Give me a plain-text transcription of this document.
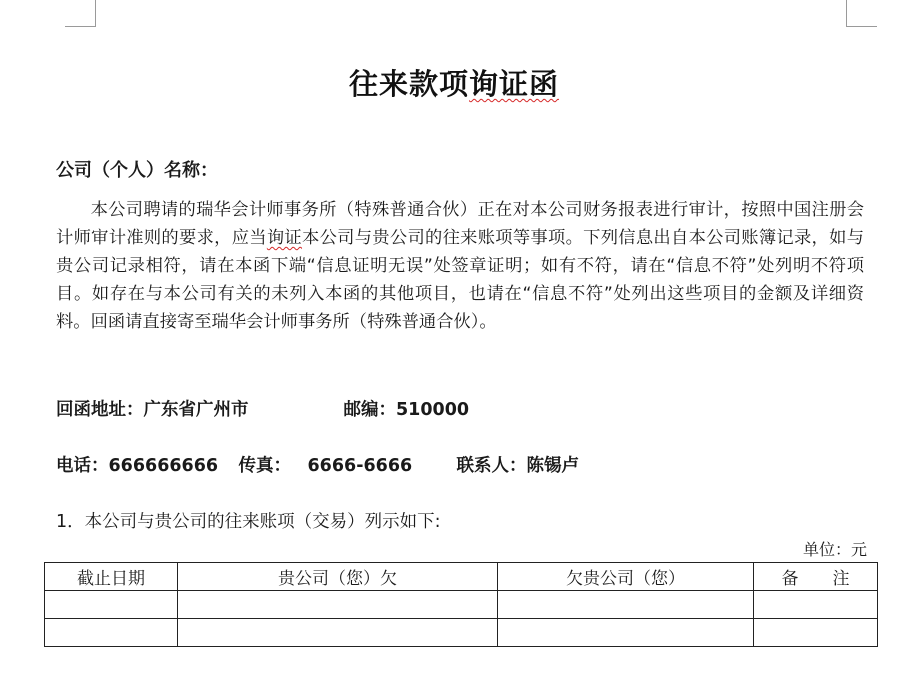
往来款项询证函
公司（个人）名称：

本公司聘请的瑞华会计师事务所（特殊普通合伙）正在对本公司财务报表进行审计，按照中国注册会计师审计准则的要求，应当询证本公司与贵公司的往来账项等事项。下列信息出自本公司账簿记录，如与贵公司记录相符，请在本函下端“信息证明无误”处签章证明；如有不符，请在“信息不符”处列明不符项目。如存在与本公司有关的未列入本函的其他项目，也请在“信息不符”处列出这些项目的金额及详细资料。回函请直接寄至瑞华会计师事务所（特殊普通合伙）。

回函地址：广东省广州市	邮编：510000
电话：666666666 传真： 6666-6666	联系人：陈锡卢
1．本公司与贵公司的往来账项（交易）列示如下:
单位：元
截止日期	贵公司（您）欠	欠贵公司（您）	备　　注
